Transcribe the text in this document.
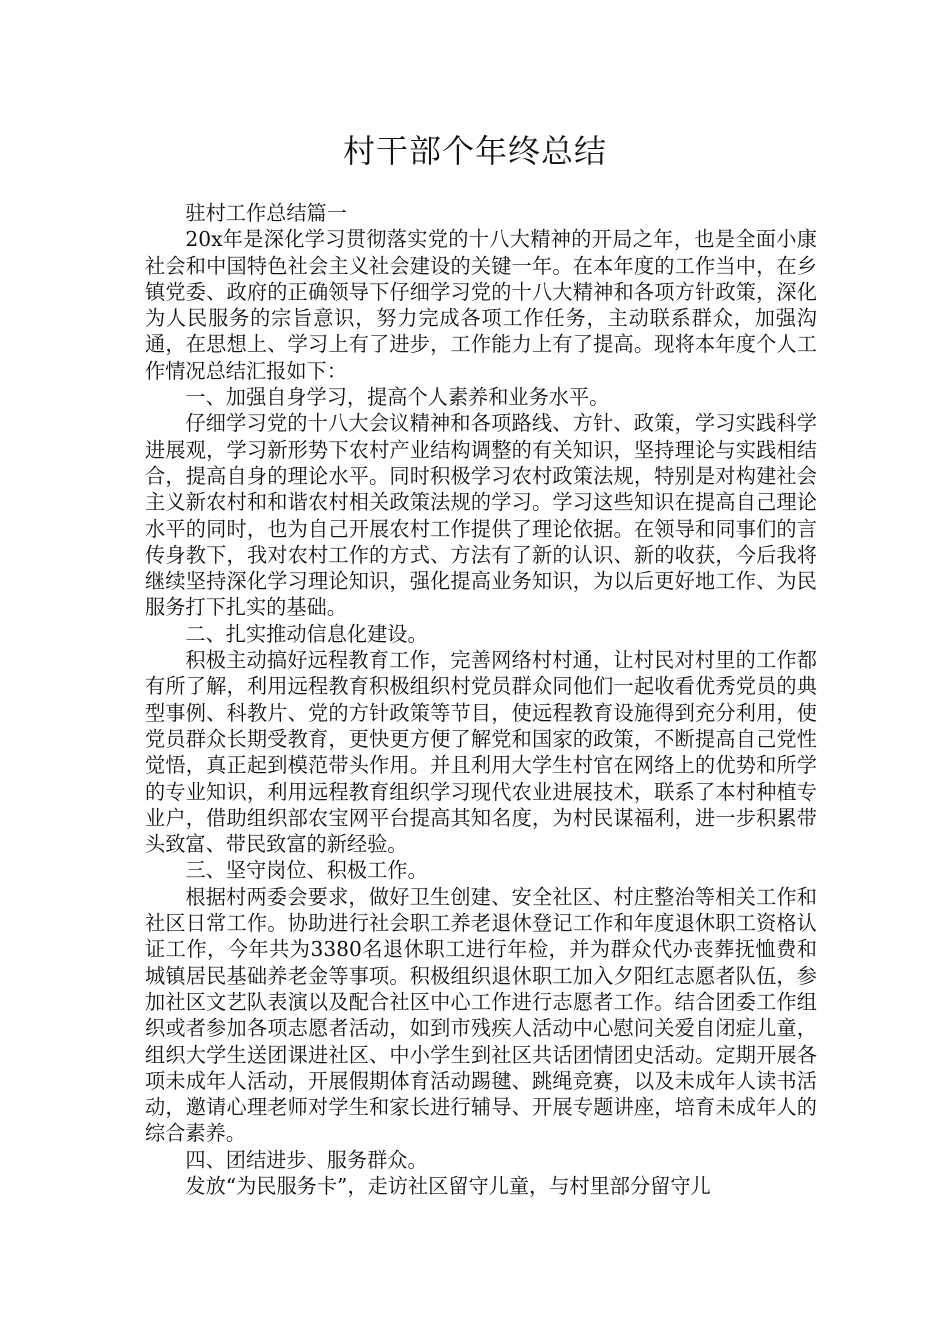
村干部个年终总结

驻村工作总结篇一

20x年是深化学习贯彻落实党的十八大精神的开局之年，也是全面小康社会和中国特色社会主义社会建设的关键一年。在本年度的工作当中，在乡镇党委、政府的正确领导下仔细学习党的十八大精神和各项方针政策，深化为人民服务的宗旨意识，努力完成各项工作任务，主动联系群众，加强沟通，在思想上、学习上有了进步，工作能力上有了提高。现将本年度个人工作情况总结汇报如下：

一、加强自身学习，提高个人素养和业务水平。

仔细学习党的十八大会议精神和各项路线、方针、政策，学习实践科学进展观，学习新形势下农村产业结构调整的有关知识，坚持理论与实践相结合，提高自身的理论水平。同时积极学习农村政策法规，特别是对构建社会主义新农村和和谐农村相关政策法规的学习。学习这些知识在提高自己理论水平的同时，也为自己开展农村工作提供了理论依据。在领导和同事们的言传身教下，我对农村工作的方式、方法有了新的认识、新的收获，今后我将继续坚持深化学习理论知识，强化提高业务知识，为以后更好地工作、为民服务打下扎实的基础。

二、扎实推动信息化建设。

积极主动搞好远程教育工作，完善网络村村通，让村民对村里的工作都有所了解，利用远程教育积极组织村党员群众同他们一起收看优秀党员的典型事例、科教片、党的方针政策等节目，使远程教育设施得到充分利用，使党员群众长期受教育，更快更方便了解党和国家的政策，不断提高自己党性觉悟，真正起到模范带头作用。并且利用大学生村官在网络上的优势和所学的专业知识，利用远程教育组织学习现代农业进展技术，联系了本村种植专业户，借助组织部农宝网平台提高其知名度，为村民谋福利，进一步积累带头致富、带民致富的新经验。

三、坚守岗位、积极工作。

根据村两委会要求，做好卫生创建、安全社区、村庄整治等相关工作和社区日常工作。协助进行社会职工养老退休登记工作和年度退休职工资格认证工作，今年共为3380名退休职工进行年检，并为群众代办丧葬抚恤费和城镇居民基础养老金等事项。积极组织退休职工加入夕阳红志愿者队伍，参加社区文艺队表演以及配合社区中心工作进行志愿者工作。结合团委工作组织或者参加各项志愿者活动，如到市残疾人活动中心慰问关爱自闭症儿童，组织大学生送团课进社区、中小学生到社区共话团情团史活动。定期开展各项未成年人活动，开展假期体育活动踢毽、跳绳竞赛，以及未成年人读书活动，邀请心理老师对学生和家长进行辅导、开展专题讲座，培育未成年人的综合素养。

四、团结进步、服务群众。

发放“为民服务卡”，走访社区留守儿童，与村里部分留守儿
